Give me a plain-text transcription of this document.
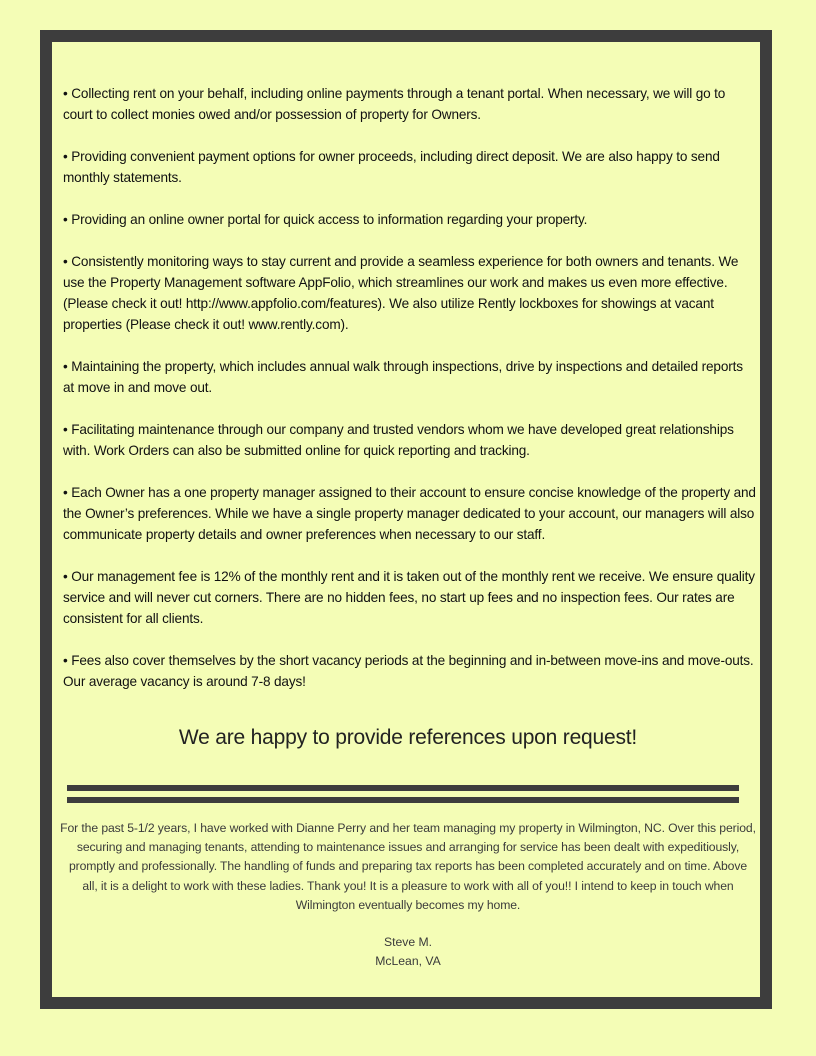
• Collecting rent on your behalf, including online payments through a tenant portal. When necessary, we will go to court to collect monies owed and/or possession of property for Owners.

• Providing convenient payment options for owner proceeds, including direct deposit. We are also happy to send monthly statements.

• Providing an online owner portal for quick access to information regarding your property.

• Consistently monitoring ways to stay current and provide a seamless experience for both owners and tenants. We use the Property Management software AppFolio, which streamlines our work and makes us even more effective. (Please check it out! http://www.appfolio.com/features). We also utilize Rently lockboxes for showings at vacant properties (Please check it out! www.rently.com).

• Maintaining the property, which includes annual walk through inspections, drive by inspections and detailed reports at move in and move out.

• Facilitating maintenance through our company and trusted vendors whom we have developed great relationships with. Work Orders can also be submitted online for quick reporting and tracking.

• Each Owner has a one property manager assigned to their account to ensure concise knowledge of the property and the Owner’s preferences. While we have a single property manager dedicated to your account, our managers will also communicate property details and owner preferences when necessary to our staff.

• Our management fee is 12% of the monthly rent and it is taken out of the monthly rent we receive. We ensure quality service and will never cut corners. There are no hidden fees, no start up fees and no inspection fees. Our rates are consistent for all clients.

• Fees also cover themselves by the short vacancy periods at the beginning and in-between move-ins and move-outs. Our average vacancy is around 7-8 days!

We are happy to provide references upon request!
For the past 5-1/2 years, I have worked with Dianne Perry and her team managing my property in Wilmington, NC. Over this period, securing and managing tenants, attending to maintenance issues and arranging for service has been dealt with expeditiously, promptly and professionally. The handling of funds and preparing tax reports has been completed accurately and on time. Above all, it is a delight to work with these ladies. Thank you! It is a pleasure to work with all of you!! I intend to keep in touch when Wilmington eventually becomes my home.
Steve M.
McLean, VA
